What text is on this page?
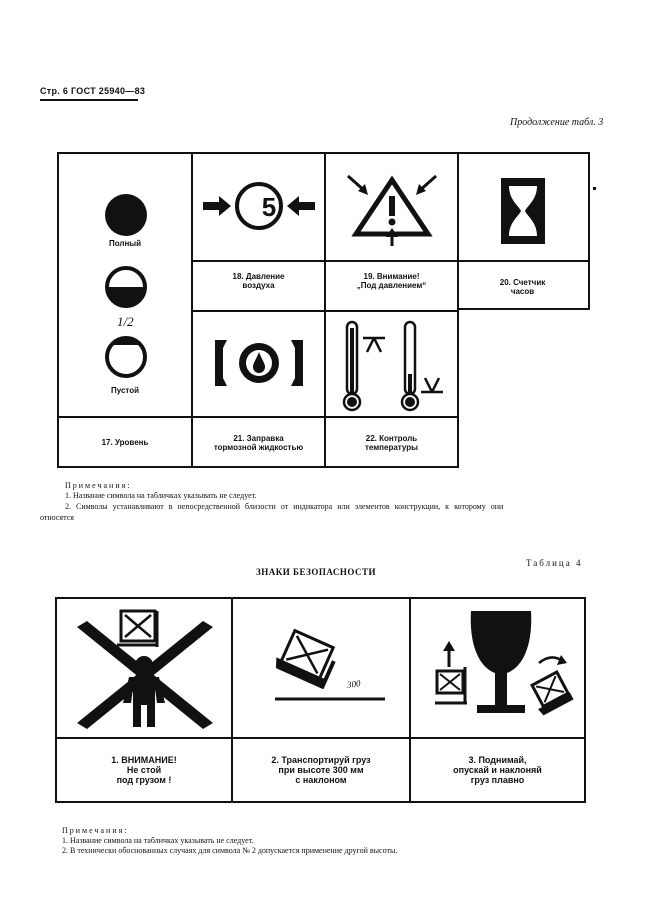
Стр. 6 ГОСТ 25940—83
Продолжение табл. 3
Полный
1/2
Пустой
17. Уровень
5
18. Давление
воздуха
19. Внимание!
„Под давлением“
21. Заправка
тормозной жидкостью
22. Контроль
температуры
20. Счетчик
часов
Примечания:
1. Название символа на табличках указывать не следует.
2. Символы устанавливают в непосредственной близости от индикатора или элементов конструкции, к которому они
относятся
Таблица 4
ЗНАКИ БЕЗОПАСНОСТИ
1. ВНИМАНИЕ!
Не стой
под грузом !
300
2. Транспортируй груз
при высоте 300 мм
с наклоном
3. Поднимай,
опускай и наклоняй
груз плавно
Примечания:
1. Название символа на табличках указывать не следует.
2. В технически обоснованных случаях для символа № 2 допускается применение другой высоты.
